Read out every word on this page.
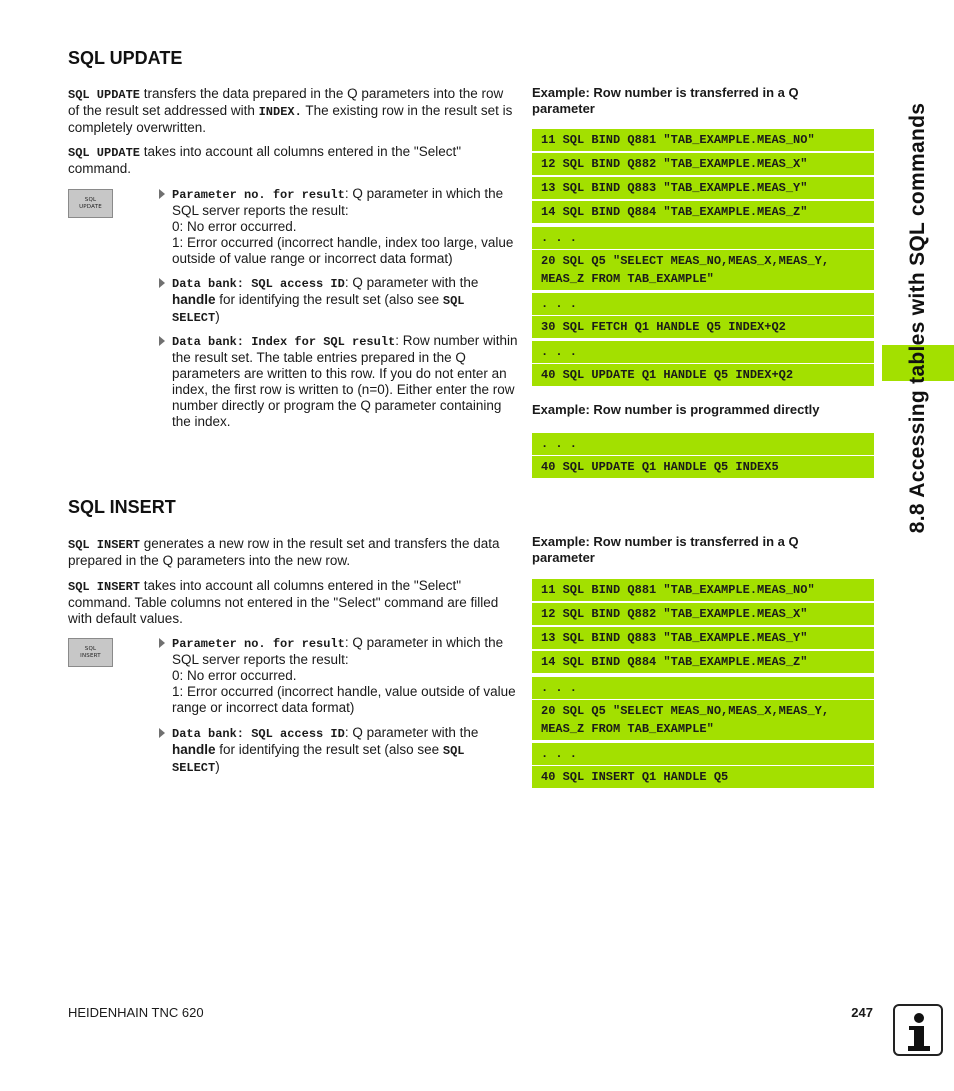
SQL UPDATE
SQL UPDATE transfers the data prepared in the Q parameters into the row of the result set addressed with INDEX. The existing row in the result set is completely overwritten.
SQL UPDATE takes into account all columns entered in the "Select" command.
SQL
UPDATE
Parameter no. for result: Q parameter in which the SQL server reports the result:
0: No error occurred.
1: Error occurred (incorrect handle, index too large, value outside of value range or incorrect data format)
Data bank: SQL access ID: Q parameter with the handle for identifying the result set (also see SQL SELECT)
Data bank: Index for SQL result: Row number within the result set. The table entries prepared in the Q parameters are written to this row. If you do not enter an index, the first row is written to (n=0). Either enter the row number directly or program the Q parameter containing the index.
Example: Row number is transferred in a Q parameter
11 SQL BIND Q881 "TAB_EXAMPLE.MEAS_NO"
12 SQL BIND Q882 "TAB_EXAMPLE.MEAS_X"
13 SQL BIND Q883 "TAB_EXAMPLE.MEAS_Y"
14 SQL BIND Q884 "TAB_EXAMPLE.MEAS_Z"
. . .
20 SQL Q5 "SELECT MEAS_NO,MEAS_X,MEAS_Y,
MEAS_Z FROM TAB_EXAMPLE"
. . .
30 SQL FETCH Q1 HANDLE Q5 INDEX+Q2
. . .
40 SQL UPDATE Q1 HANDLE Q5 INDEX+Q2
Example: Row number is programmed directly
. . .
40 SQL UPDATE Q1 HANDLE Q5 INDEX5
SQL INSERT
SQL INSERT generates a new row in the result set and transfers the data prepared in the Q parameters into the new row.
SQL INSERT takes into account all columns entered in the "Select" command. Table columns not entered in the "Select" command are filled with default values.
SQL
INSERT
Parameter no. for result: Q parameter in which the SQL server reports the result:
0: No error occurred.
1: Error occurred (incorrect handle, value outside of value range or incorrect data format)
Data bank: SQL access ID: Q parameter with the handle for identifying the result set (also see SQL SELECT)
Example: Row number is transferred in a Q parameter
11 SQL BIND Q881 "TAB_EXAMPLE.MEAS_NO"
12 SQL BIND Q882 "TAB_EXAMPLE.MEAS_X"
13 SQL BIND Q883 "TAB_EXAMPLE.MEAS_Y"
14 SQL BIND Q884 "TAB_EXAMPLE.MEAS_Z"
. . .
20 SQL Q5 "SELECT MEAS_NO,MEAS_X,MEAS_Y,
MEAS_Z FROM TAB_EXAMPLE"
. . .
40 SQL INSERT Q1 HANDLE Q5
8.8 Accessing tables with SQL commands
HEIDENHAIN TNC 620	247
